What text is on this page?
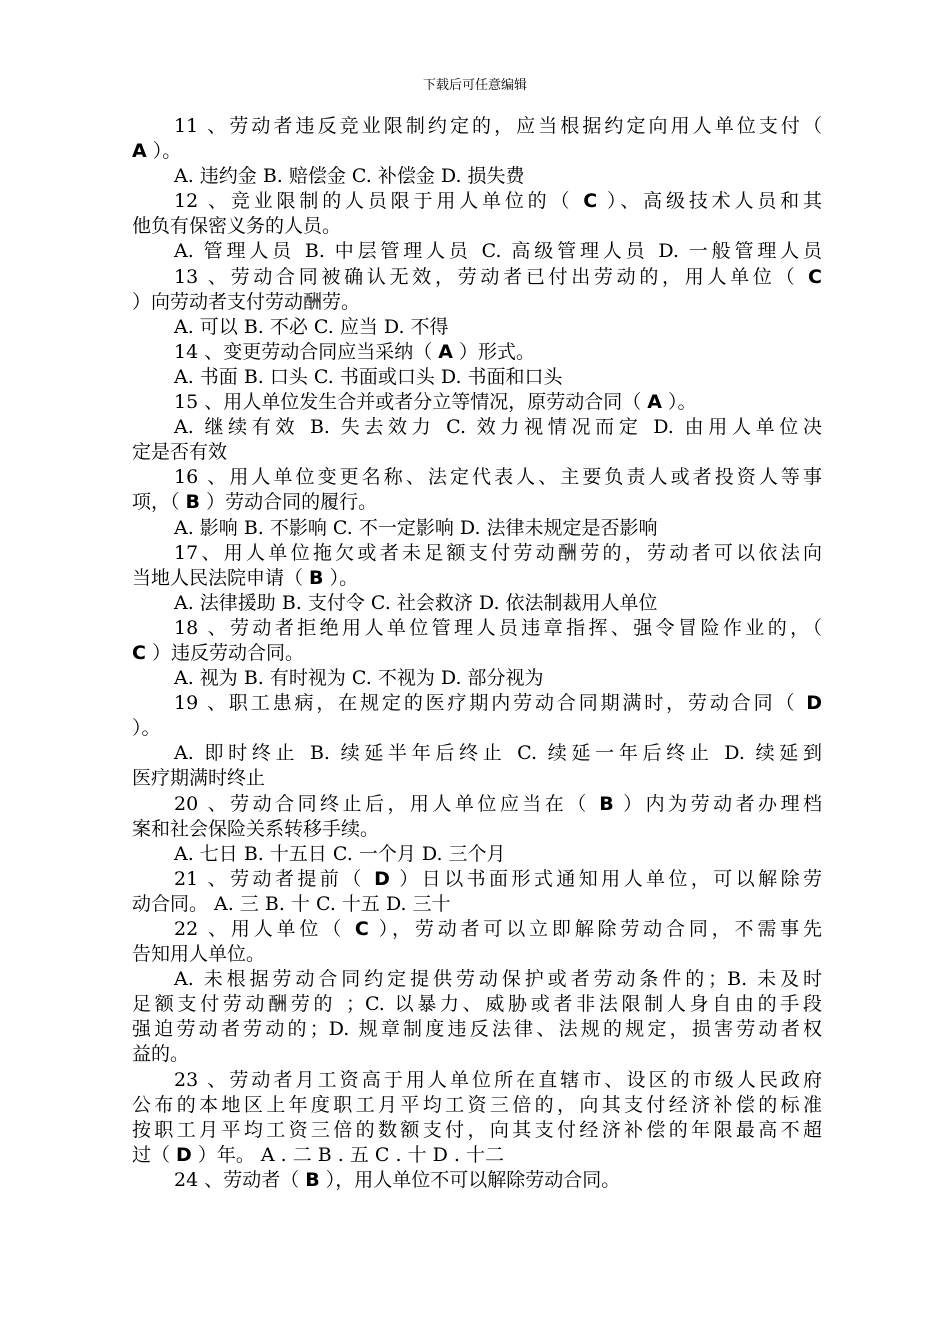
下载后可任意编辑
11 、劳动者违反竞业限制约定的，应当根据约定向用人单位支付（
A ）。
A. 违约金 B. 赔偿金 C. 补偿金 D. 损失费
12 、竞业限制的人员限于用人单位的（ C ）、高级技术人员和其
他负有保密义务的人员。
A. 管理人员 B. 中层管理人员 C. 高级管理人员 D. 一般管理人员
13 、劳动合同被确认无效，劳动者已付出劳动的，用人单位（ C
）向劳动者支付劳动酬劳。
A. 可以 B. 不必 C. 应当 D. 不得
14 、变更劳动合同应当采纳（ A ）形式。
A. 书面 B. 口头 C. 书面或口头 D. 书面和口头
15 、用人单位发生合并或者分立等情况，原劳动合同（ A ）。
A. 继续有效 B. 失去效力 C. 效力视情况而定 D. 由用人单位决
定是否有效
16 、用人单位变更名称、法定代表人、主要负责人或者投资人等事
项，（ B ）劳动合同的履行。
A. 影响 B. 不影响 C. 不一定影响 D. 法律未规定是否影响
17、用人单位拖欠或者未足额支付劳动酬劳的，劳动者可以依法向
当地人民法院申请（ B ）。
A. 法律援助 B. 支付令 C. 社会救济 D. 依法制裁用人单位
18 、劳动者拒绝用人单位管理人员违章指挥、强令冒险作业的，（
C ）违反劳动合同。
A. 视为 B. 有时视为 C. 不视为 D. 部分视为
19 、职工患病，在规定的医疗期内劳动合同期满时，劳动合同（ D
）。
A. 即时终止 B. 续延半年后终止 C. 续延一年后终止 D. 续延到
医疗期满时终止
20 、劳动合同终止后，用人单位应当在（ B ）内为劳动者办理档
案和社会保险关系转移手续。
A. 七日 B. 十五日 C. 一个月 D. 三个月
21 、劳动者提前（ D ）日以书面形式通知用人单位，可以解除劳
动合同。 A. 三 B. 十 C. 十五 D. 三十
22 、用人单位（ C ），劳动者可以立即解除劳动合同，不需事先
告知用人单位。
A. 未根据劳动合同约定提供劳动保护或者劳动条件的；B. 未及时
足额支付劳动酬劳的 ；C. 以暴力、威胁或者非法限制人身自由的手段
强迫劳动者劳动的；D. 规章制度违反法律、法规的规定，损害劳动者权
益的。
23 、劳动者月工资高于用人单位所在直辖市、设区的市级人民政府
公布的本地区上年度职工月平均工资三倍的，向其支付经济补偿的标准
按职工月平均工资三倍的数额支付，向其支付经济补偿的年限最高不超
过（ D ）年。 A . 二 B . 五 C . 十 D . 十二
24 、劳动者（ B ），用人单位不可以解除劳动合同。
